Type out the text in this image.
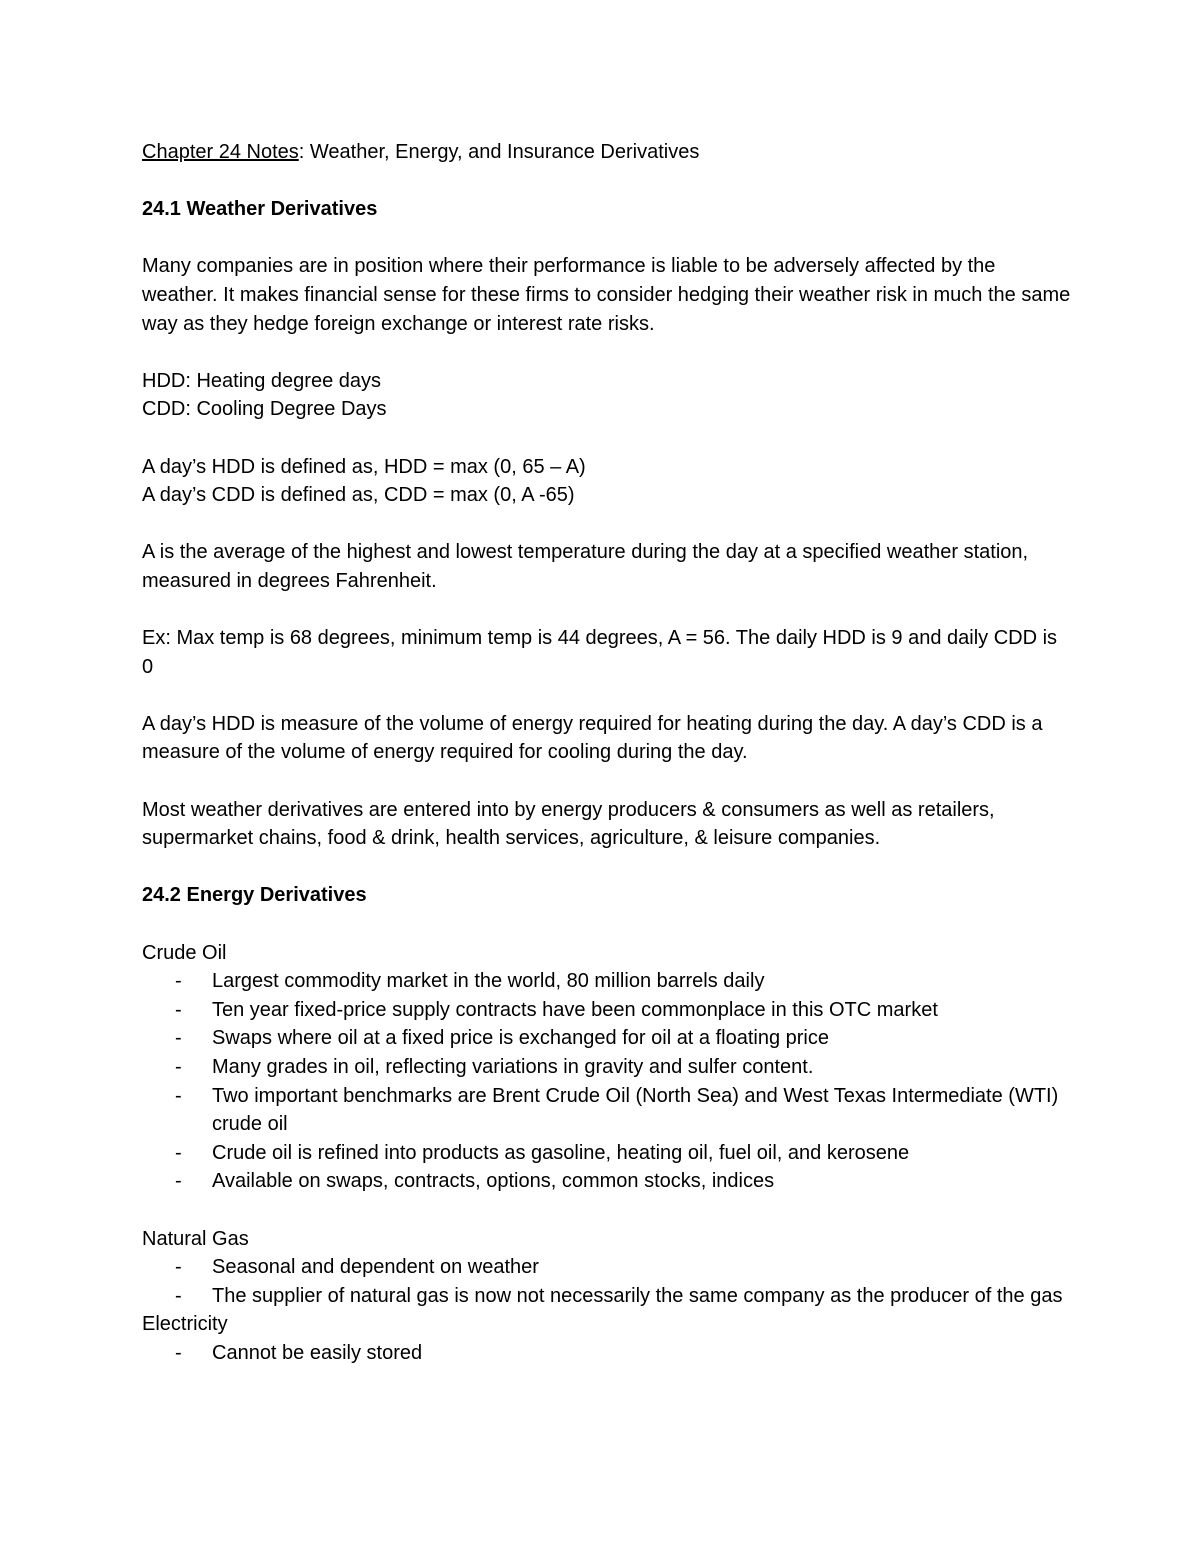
Chapter 24 Notes: Weather, Energy, and Insurance Derivatives

24.1 Weather Derivatives

Many companies are in position where their performance is liable to be adversely affected by the weather. It makes financial sense for these firms to consider hedging their weather risk in much the same way as they hedge foreign exchange or interest rate risks.

HDD: Heating degree days

CDD: Cooling Degree Days

A day’s HDD is defined as, HDD = max (0, 65 – A)

A day’s CDD is defined as, CDD = max (0, A -65)

A is the average of the highest and lowest temperature during the day at a specified weather station, measured in degrees Fahrenheit.

Ex: Max temp is 68 degrees, minimum temp is 44 degrees, A = 56. The daily HDD is 9 and daily CDD is 0

A day’s HDD is measure of the volume of energy required for heating during the day. A day’s CDD is a measure of the volume of energy required for cooling during the day.

Most weather derivatives are entered into by energy producers & consumers as well as retailers, supermarket chains, food & drink, health services, agriculture, & leisure companies.

24.2 Energy Derivatives

Crude Oil

- Largest commodity market in the world, 80 million barrels daily
- Ten year fixed-price supply contracts have been commonplace in this OTC market
- Swaps where oil at a fixed price is exchanged for oil at a floating price
- Many grades in oil, reflecting variations in gravity and sulfer content.
- Two important benchmarks are Brent Crude Oil (North Sea) and West Texas Intermediate (WTI) crude oil
- Crude oil is refined into products as gasoline, heating oil, fuel oil, and kerosene
- Available on swaps, contracts, options, common stocks, indices

Natural Gas

- Seasonal and dependent on weather
- The supplier of natural gas is now not necessarily the same company as the producer of the gas

Electricity

- Cannot be easily stored
